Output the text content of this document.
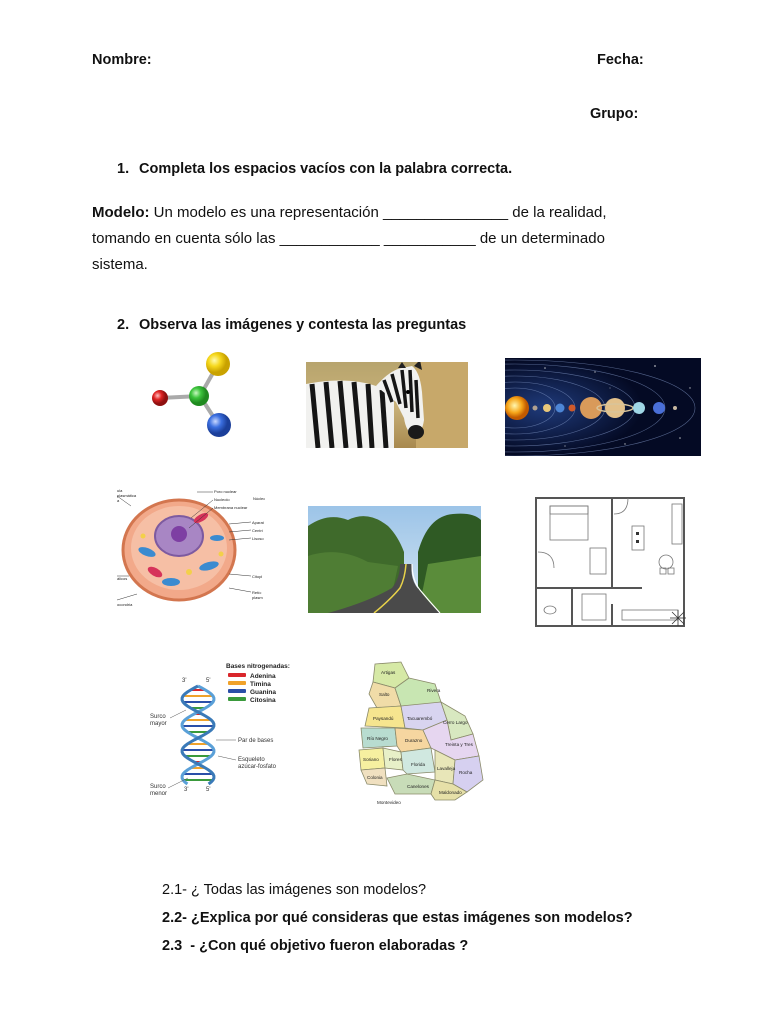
Nombre:	Fecha:
Grupo:
1. Completa los espacios vacíos con la palabra correcta.
Modelo: Un modelo es una representación _______________ de la realidad,
tomando en cuenta sólo las ____________ ___________ de un determinado
sistema.
2. Observa las imágenes y contesta las preguntas
Poro nuclear
Nucleolo
Membrana nuclear
Núcleo
ula
plasmática
a
álicos
ocondria
Aparat
Centrí
Lisoso
Citopl
Retíc
plasm
Bases nitrogenadas:
Adenina
Timina
Guanina
Citosina
3'	5'
Surco
mayor
Par de bases
Esqueleto
azúcar-fosfato
Surco
menor
3'	5'
Artigas
Salto
Rivera
Paysandú	Tacuarembó
Cerro Largo
Río Negro	Durazno
Treinta y Tres
Soriano Flores
Florida
Lavalleja
Rocha
Colonia
Canelones
Maldonado
Montevideo
2.1- ¿ Todas las imágenes son modelos?
2.2- ¿Explica por qué consideras que estas imágenes son modelos?
2.3 - ¿Con qué objetivo fueron elaboradas ?
